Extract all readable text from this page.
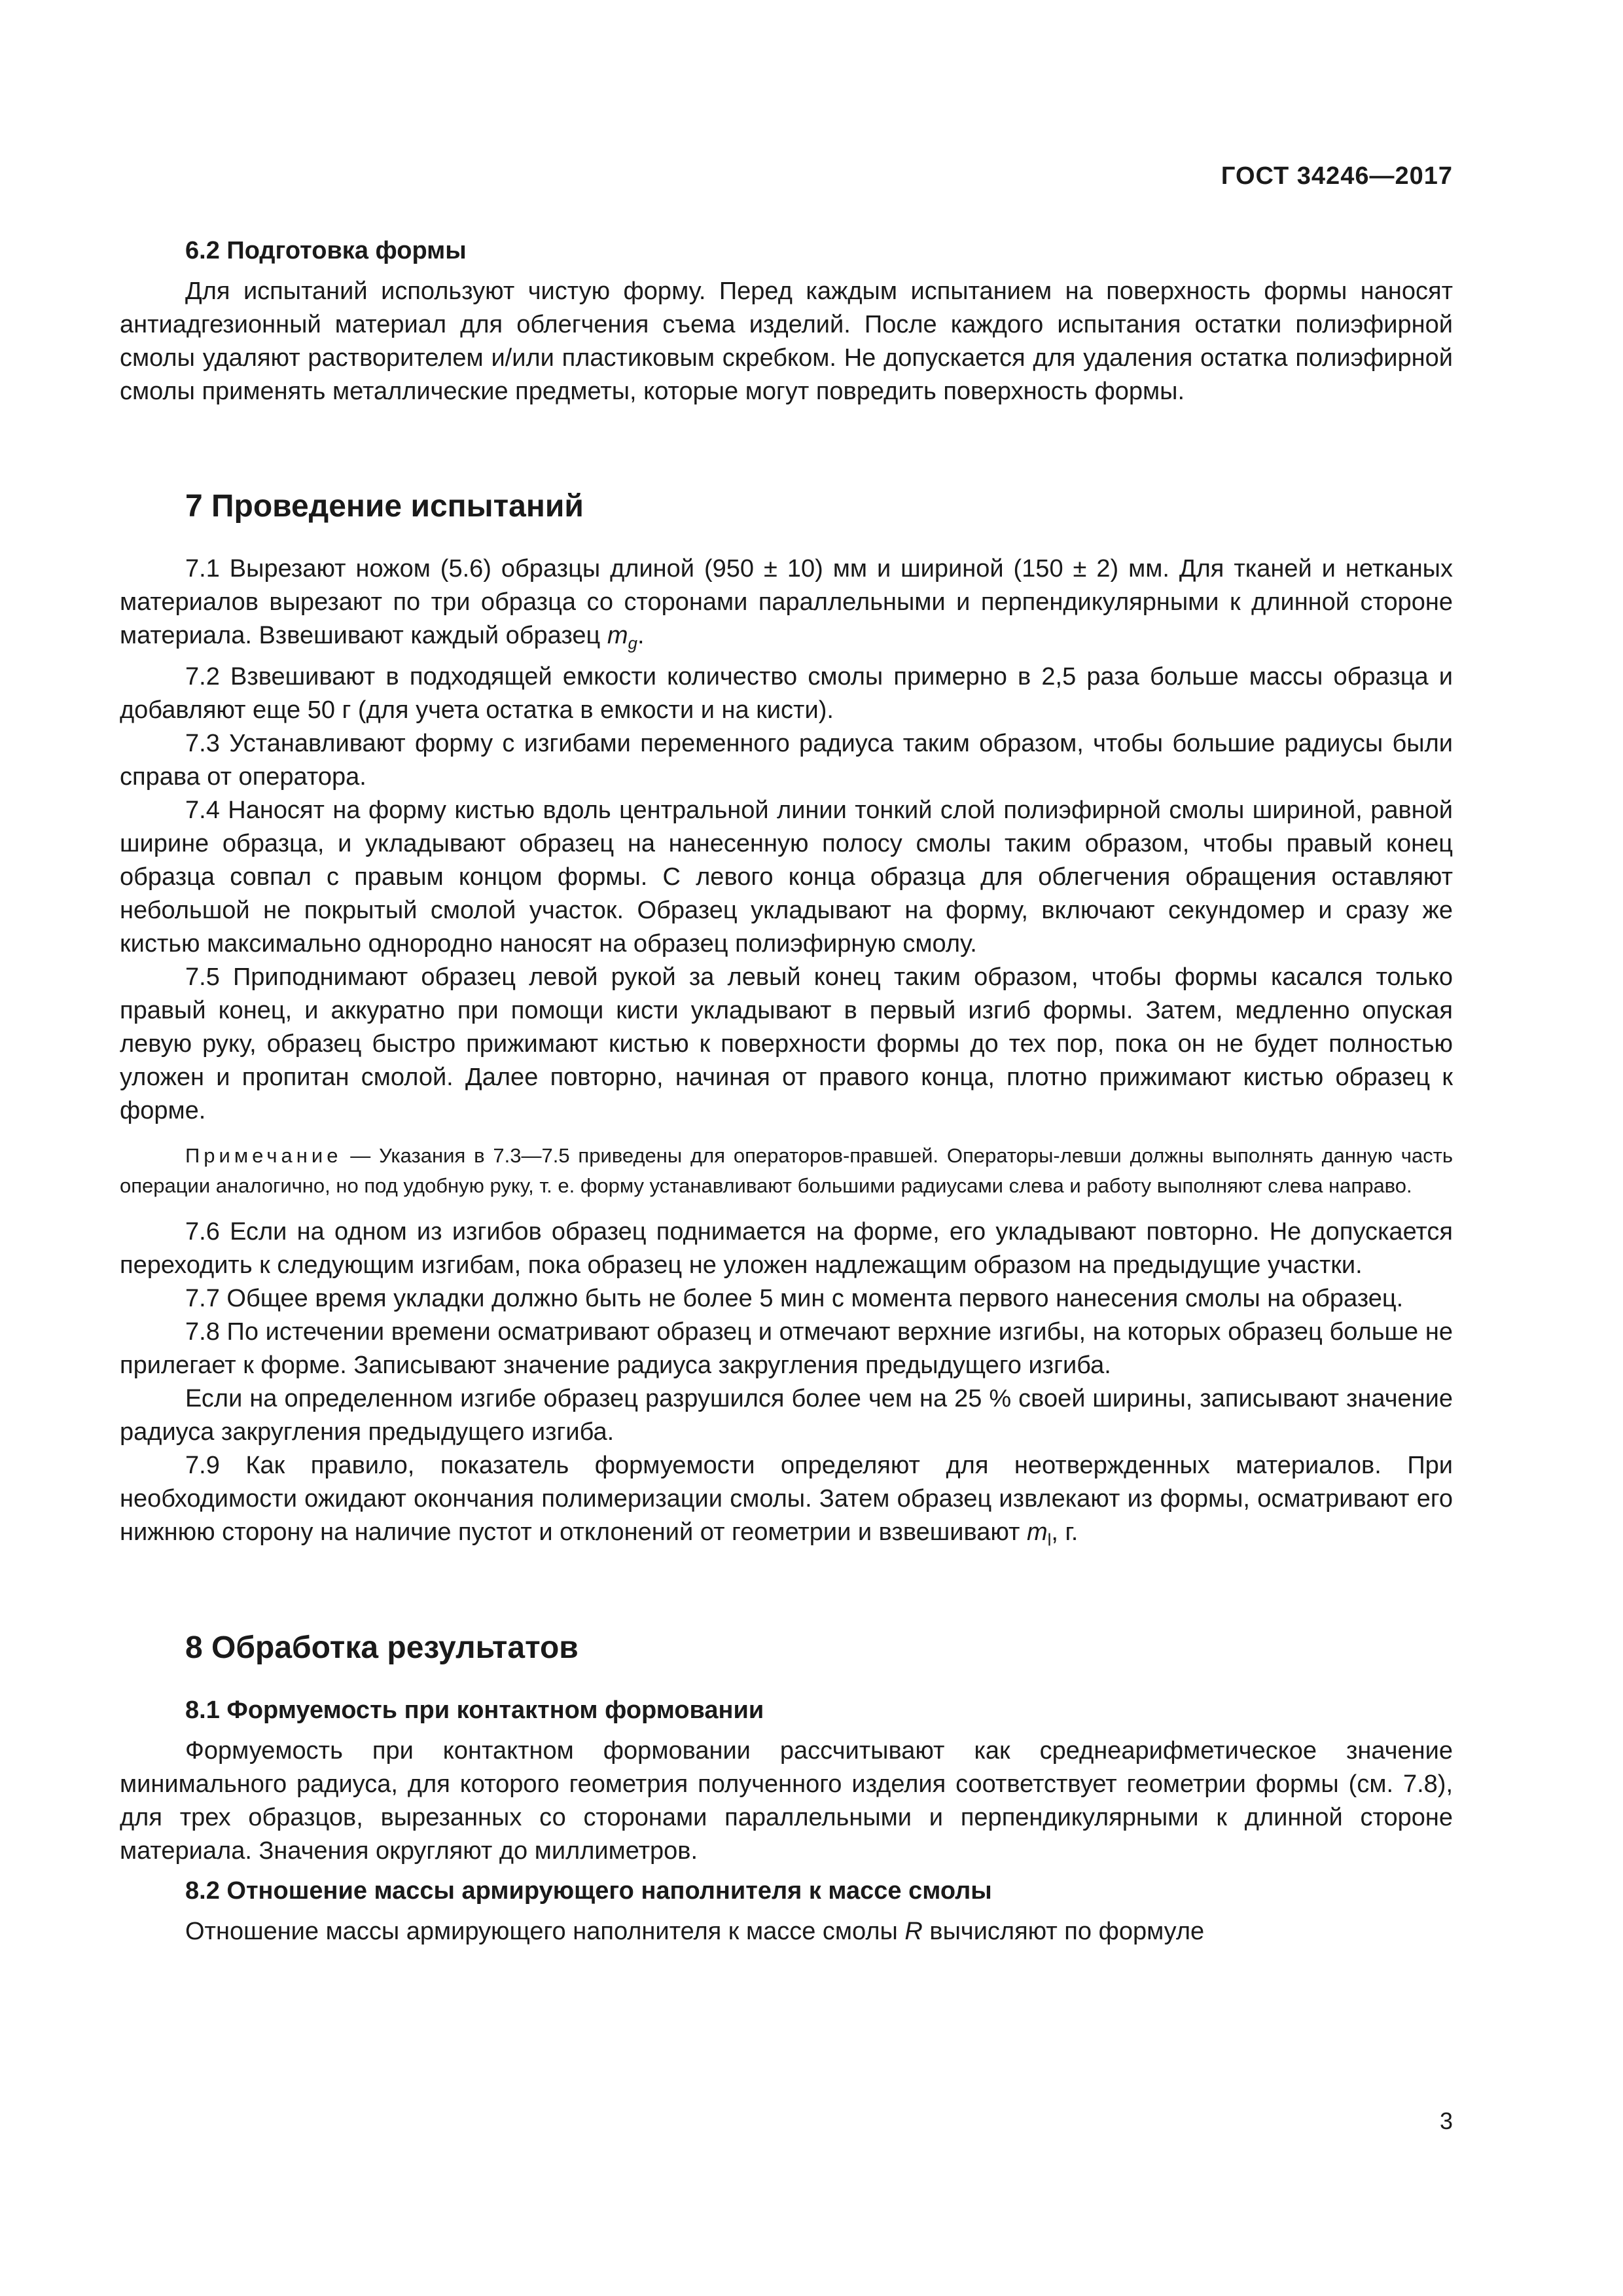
ГОСТ 34246—2017
6.2 Подготовка формы

Для испытаний используют чистую форму. Перед каждым испытанием на поверхность формы наносят антиадгезионный материал для облегчения съема изделий. После каждого испытания остатки полиэфирной смолы удаляют растворителем и/или пластиковым скребком. Не допускается для удаления остатка полиэфирной смолы применять металлические предметы, которые могут повредить поверхность формы.

7 Проведение испытаний

7.1 Вырезают ножом (5.6) образцы длиной (950 ± 10) мм и шириной (150 ± 2) мм. Для тканей и нетканых материалов вырезают по три образца со сторонами параллельными и перпендикулярными к длинной стороне материала. Взвешивают каждый образец $m_g$.

7.2 Взвешивают в подходящей емкости количество смолы примерно в 2,5 раза больше массы образца и добавляют еще 50 г (для учета остатка в емкости и на кисти).

7.3 Устанавливают форму с изгибами переменного радиуса таким образом, чтобы большие радиусы были справа от оператора.

7.4 Наносят на форму кистью вдоль центральной линии тонкий слой полиэфирной смолы шириной, равной ширине образца, и укладывают образец на нанесенную полосу смолы таким образом, чтобы правый конец образца совпал с правым концом формы. С левого конца образца для облегчения обращения оставляют небольшой не покрытый смолой участок. Образец укладывают на форму, включают секундомер и сразу же кистью максимально однородно наносят на образец полиэфирную смолу.

7.5 Приподнимают образец левой рукой за левый конец таким образом, чтобы формы касался только правый конец, и аккуратно при помощи кисти укладывают в первый изгиб формы. Затем, медленно опуская левую руку, образец быстро прижимают кистью к поверхности формы до тех пор, пока он не будет полностью уложен и пропитан смолой. Далее повторно, начиная от правого конца, плотно прижимают кистью образец к форме.

Примечание — Указания в 7.3—7.5 приведены для операторов-правшей. Операторы-левши должны выполнять данную часть операции аналогично, но под удобную руку, т. е. форму устанавливают большими радиусами слева и работу выполняют слева направо.

7.6 Если на одном из изгибов образец поднимается на форме, его укладывают повторно. Не допускается переходить к следующим изгибам, пока образец не уложен надлежащим образом на предыдущие участки.

7.7 Общее время укладки должно быть не более 5 мин с момента первого нанесения смолы на образец.

7.8 По истечении времени осматривают образец и отмечают верхние изгибы, на которых образец больше не прилегает к форме. Записывают значение радиуса закругления предыдущего изгиба.

Если на определенном изгибе образец разрушился более чем на 25 % своей ширины, записывают значение радиуса закругления предыдущего изгиба.

7.9 Как правило, показатель формуемости определяют для неотвержденных материалов. При необходимости ожидают окончания полимеризации смолы. Затем образец извлекают из формы, осматривают его нижнюю сторону на наличие пустот и отклонений от геометрии и взвешивают $m_l$, г.

8 Обработка результатов
8.1 Формуемость при контактном формовании

Формуемость при контактном формовании рассчитывают как среднеарифметическое значение минимального радиуса, для которого геометрия полученного изделия соответствует геометрии формы (см. 7.8), для трех образцов, вырезанных со сторонами параллельными и перпендикулярными к длинной стороне материала. Значения округляют до миллиметров.

8.2 Отношение массы армирующего наполнителя к массе смолы

Отношение массы армирующего наполнителя к массе смолы R вычисляют по формуле

3
